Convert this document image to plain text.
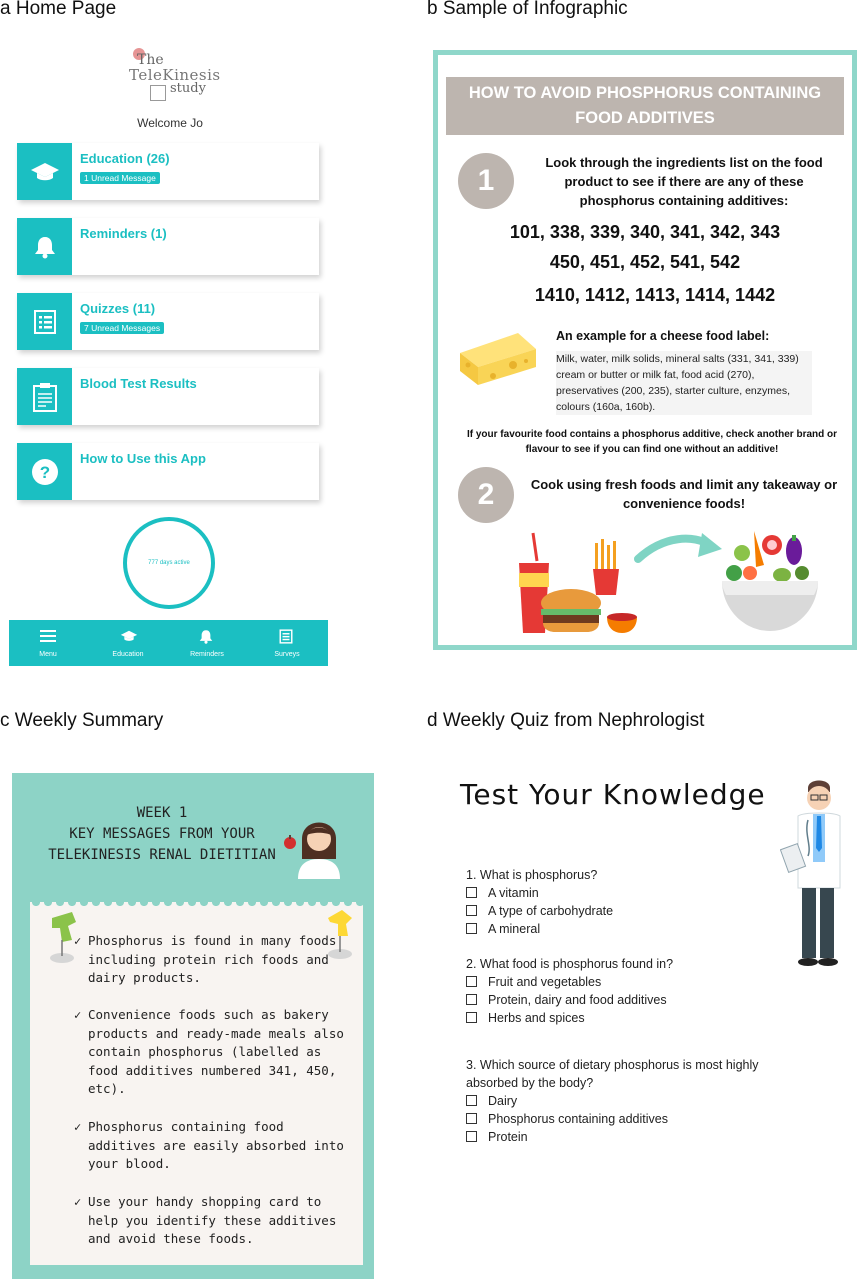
a Home Page	b Sample of Infographic
c Weekly Summary	d Weekly Quiz from Nephrologist
The
TeleKinesis
study
Welcome Jo
Education (26)
1 Unread Message
Reminders (1)
Quizzes (11)
7 Unread Messages
Blood Test Results
?
How to Use this App
777 days active
Menu	Education	Reminders	Surveys
HOW TO AVOID PHOSPHORUS CONTAINING FOOD ADDITIVES
1
Look through the ingredients list on the food product to see if there are any of these phosphorus containing additives:
101, 338, 339, 340, 341, 342, 343
450, 451, 452, 541, 542
1410, 1412, 1413, 1414, 1442
An example for a cheese food label:
Milk, water, milk solids, mineral salts (331, 341, 339) cream or butter or milk fat, food acid (270), preservatives (200, 235), starter culture, enzymes, colours (160a, 160b).
If your favourite food contains a phosphorus additive, check another brand or flavour to see if you can find one without an additive!
2	Cook using fresh foods and limit any takeaway or convenience foods!
WEEK 1
KEY MESSAGES FROM YOUR
TELEKINESIS RENAL DIETITIAN
✓ Phosphorus is found in many foods including protein rich foods and dairy products.
✓ Convenience foods such as bakery products and ready-made meals also contain phosphorus (labelled as food additives numbered 341, 450, etc).
✓ Phosphorus containing food additives are easily absorbed into your blood.
✓ Use your handy shopping card to help you identify these additives and avoid these foods.
Test Your Knowledge
1. What is phosphorus?
A vitamin
A type of carbohydrate
A mineral
2. What food is phosphorus found in?
Fruit and vegetables
Protein, dairy and food additives
Herbs and spices
3. Which source of dietary phosphorus is most highly
absorbed by the body?
Dairy
Phosphorus containing additives
Protein
